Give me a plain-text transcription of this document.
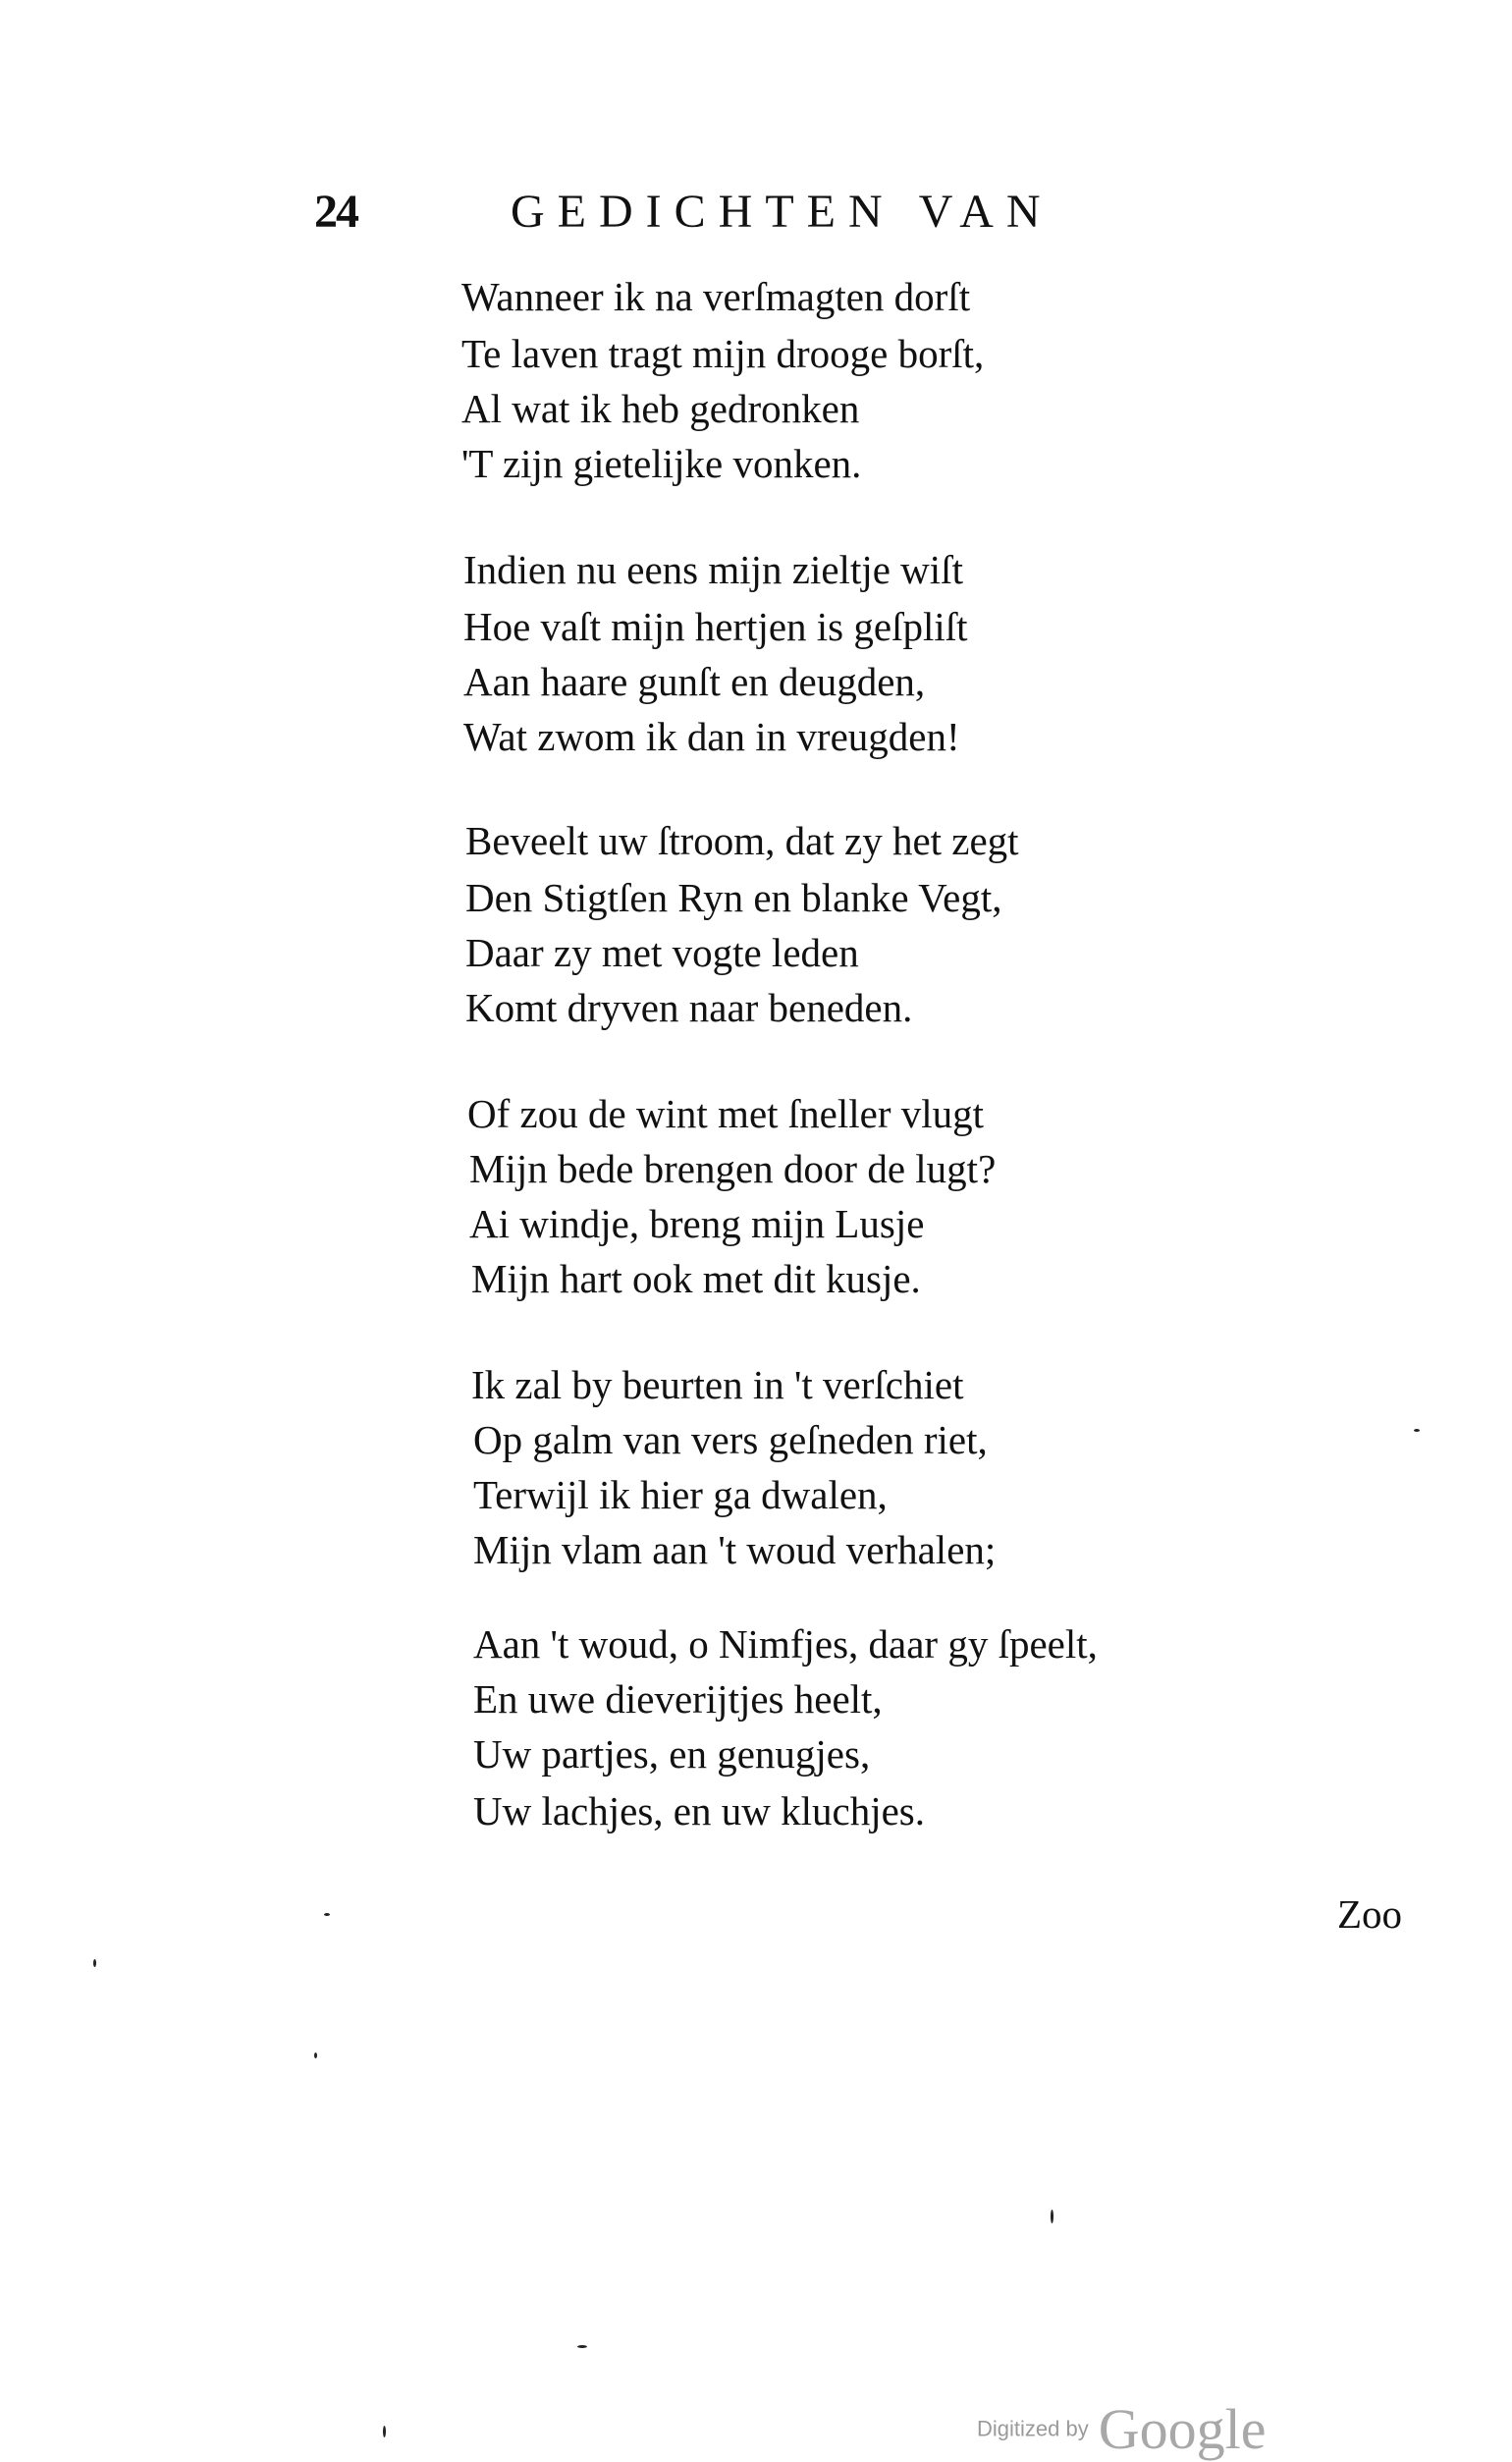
24	GEDICHTEN VAN
Wanneer ik na verſmagten dorſt
Te laven tragt mijn drooge borſt,
Al wat ik heb gedronken
'T zijn gietelijke vonken.
Indien nu eens mijn zieltje wiſt
Hoe vaſt mijn hertjen is geſpliſt
Aan haare gunſt en deugden,
Wat zwom ik dan in vreugden!
Beveelt uw ſtroom, dat zy het zegt
Den Stigtſen Ryn en blanke Vegt,
Daar zy met vogte leden
Komt dryven naar beneden.
Of zou de wint met ſneller vlugt
Mijn bede brengen door de lugt?
Ai windje, breng mijn Lusje
Mijn hart ook met dit kusje.
Ik zal by beurten in 't verſchiet
Op galm van vers geſneden riet,
Terwijl ik hier ga dwalen,
Mijn vlam aan 't woud verhalen;
Aan 't woud, o Nimfjes, daar gy ſpeelt,
En uwe dieverijtjes heelt,
Uw partjes, en genugjes,
Uw lachjes, en uw kluchjes.
Zoo
Digitized by Google
